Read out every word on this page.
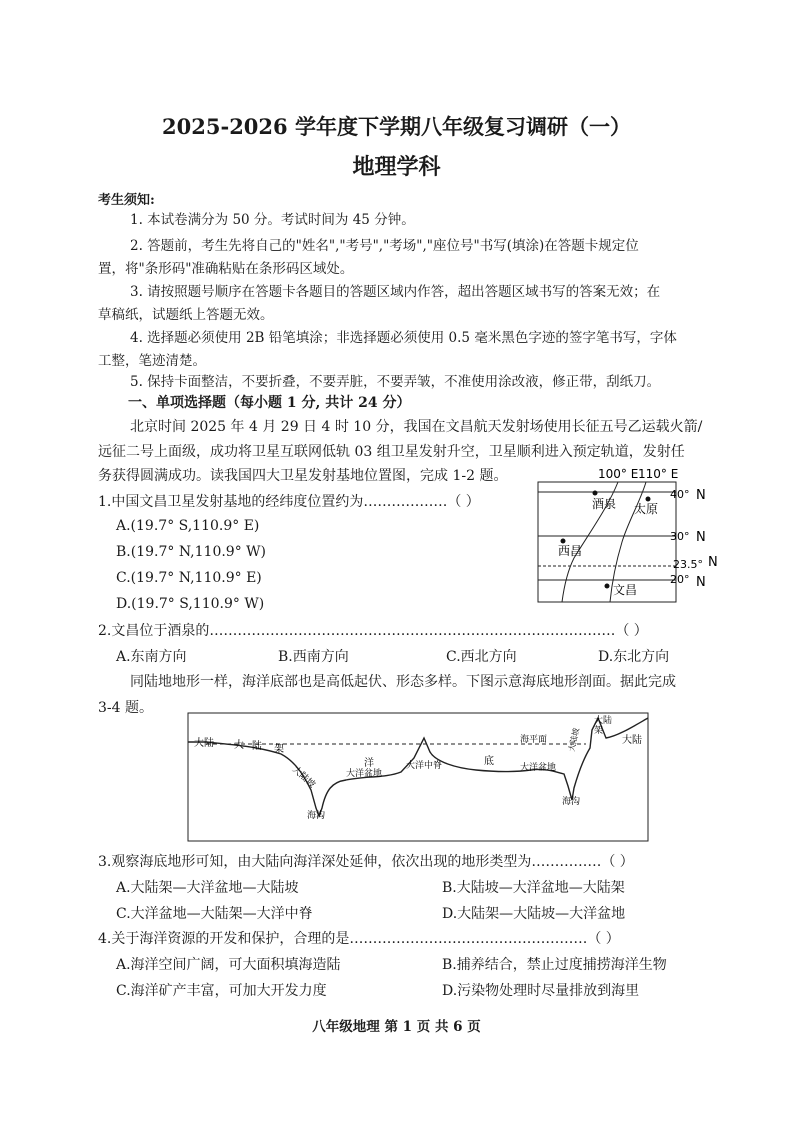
2025-2026 学年度下学期八年级复习调研（一）
地理学科
考生须知:
1. 本试卷满分为 50 分。考试时间为 45 分钟。
2. 答题前，考生先将自己的"姓名","考号","考场","座位号"书写(填涂)在答题卡规定位
置，将"条形码"准确粘贴在条形码区域处。
3. 请按照题号顺序在答题卡各题目的答题区域内作答，超出答题区域书写的答案无效；在
草稿纸，试题纸上答题无效。
4. 选择题必须使用 2B 铅笔填涂；非选择题必须使用 0.5 毫米黑色字迹的签字笔书写，字体
工整，笔迹清楚。
5. 保持卡面整洁，不要折叠，不要弄脏，不要弄皱，不准使用涂改液，修正带，刮纸刀。
一、单项选择题（每小题 1 分, 共计 24 分）
北京时间 2025 年 4 月 29 日 4 时 10 分，我国在文昌航天发射场使用长征五号乙运载火箭/
远征二号上面级，成功将卫星互联网低轨 03 组卫星发射升空，卫星顺利进入预定轨道，发射任
务获得圆满成功。读我国四大卫星发射基地位置图，完成 1-2 题。
1.中国文昌卫星发射基地的经纬度位置约为………………（ ）
A.(19.7° S,110.9° E)
B.(19.7° N,110.9° W)
C.(19.7° N,110.9° E)
D.(19.7° S,110.9° W)
100° E 110° E
40° N
30° N
23.5° N
20° N
酒泉 太原
西昌
文昌
2.文昌位于酒泉的……………………………………………………………………………（ ）
A.东南方向	B.西南方向	C.西北方向	D.东北方向
同陆地地形一样，海洋底部也是高低起伏、形态多样。下图示意海底地形剖面。据此完成
3-4 题。
大陆 大 陆 架
大陆坡
海沟
洋
大洋盆地
大洋中脊	底
海平面
大洋盆地
大陆
架
大陆坡
海沟
大陆
3.观察海底地形可知，由大陆向海洋深处延伸，依次出现的地形类型为……………（ ）
A.大陆架—大洋盆地—大陆坡	B.大陆坡—大洋盆地—大陆架
C.大洋盆地—大陆架—大洋中脊	D.大陆架—大陆坡—大洋盆地
4.关于海洋资源的开发和保护，合理的是……………………………………………（ ）
A.海洋空间广阔，可大面积填海造陆	B.捕养结合，禁止过度捕捞海洋生物
C.海洋矿产丰富，可加大开发力度	D.污染物处理时尽量排放到海里
八年级地理 第 1 页 共 6 页
